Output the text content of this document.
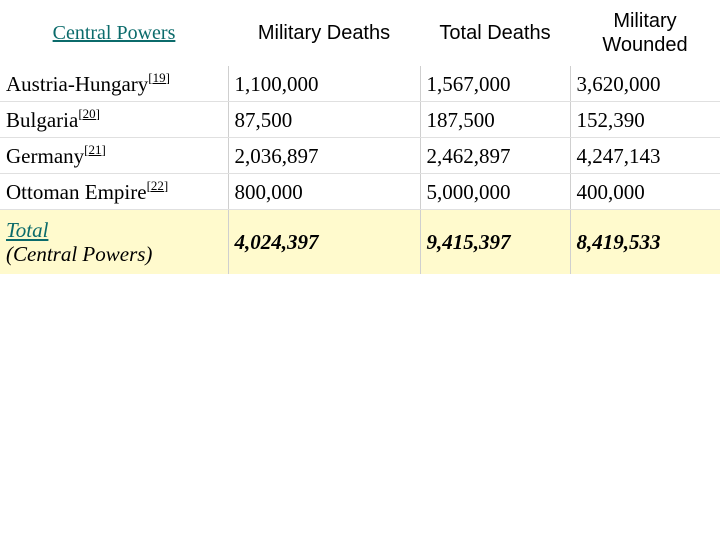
Central Powers	Military Deaths	Total Deaths	Military
Wounded
Austria-Hungary[19]	1,100,000	1,567,000	3,620,000
Bulgaria[20]	87,500	187,500	152,390
Germany[21]	2,036,897	2,462,897	4,247,143
Ottoman Empire[22]	800,000	5,000,000	400,000
Total
(Central Powers)	4,024,397	9,415,397	8,419,533
